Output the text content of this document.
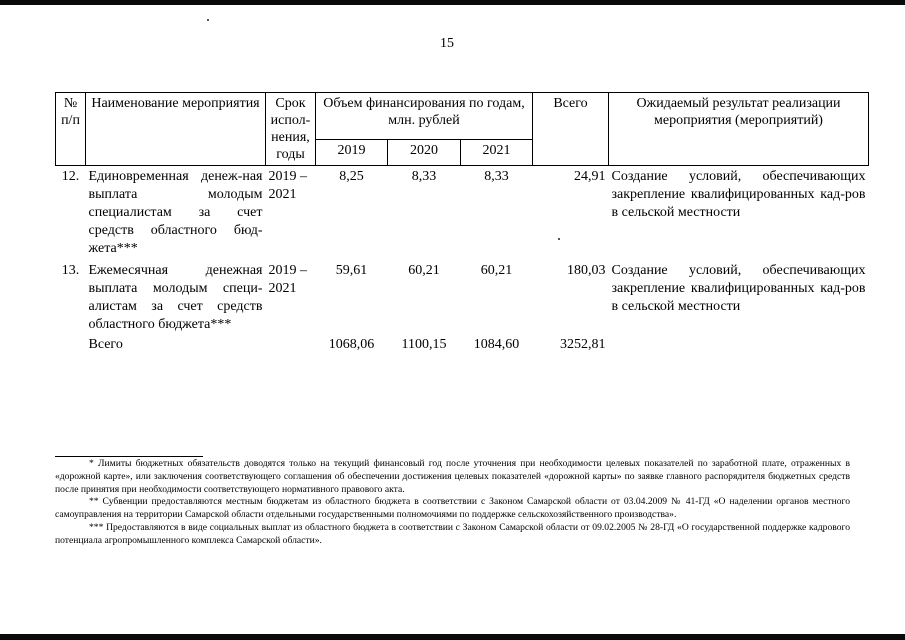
15
№ п/п	Наименование мероприятия	Срок испол-нения, годы	Объем финансирования по годам, млн. рублей			Всего	Ожидаемый результат реализации мероприятия (мероприятий)
			2019	2020	2021		
12.	Единовременная денеж-ная выплата молодым специалистам за счет средств областного бюд-жета***	2019 – 2021	8,25	8,33	8,33	24,91	Создание условий, обеспечивающих закрепление квалифицированных кад-ров в сельской местности
13.	Ежемесячная денежная выплата молодым специ-алистам за счет средств областного бюджета***	2019 – 2021	59,61	60,21	60,21	180,03	Создание условий, обеспечивающих закрепление квалифицированных кад-ров в сельской местности
	Всего		1068,06	1100,15	1084,60	3252,81	

* Лимиты бюджетных обязательств доводятся только на текущий финансовый год после уточнения при необходимости целевых показателей по заработной плате, отраженных в «дорожной карте», или заключения соответствующего соглашения об обеспечении достижения целевых показателей «дорожной карты» по заявке главного распорядителя бюджетных средств после принятия при необходимости соответствующего нормативного правового акта.

** Субвенции предоставляются местным бюджетам из областного бюджета в соответствии с Законом Самарской области от 03.04.2009 № 41-ГД «О наделении органов местного самоуправления на территории Самарской области отдельными государственными полномочиями по поддержке сельскохозяйственного производства».

*** Предоставляются в виде социальных выплат из областного бюджета в соответствии с Законом Самарской области от 09.02.2005 № 28-ГД «О государственной поддержке кадрового потенциала агропромышленного комплекса Самарской области».
